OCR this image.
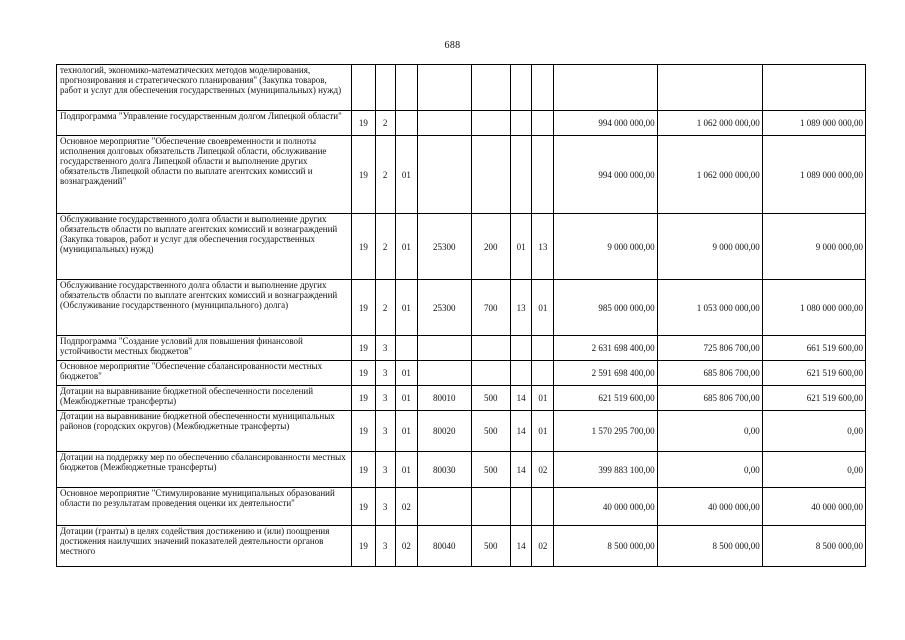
688
технологий, экономико-математических методов моделирования, прогнозирования и стратегического планирования" (Закупка товаров, работ и услуг для обеспечения государственных (муниципальных) нужд)										
Подпрограмма "Управление государственным долгом Липецкой области"	19	2						994 000 000,00	1 062 000 000,00	1 089 000 000,00
Основное мероприятие "Обеспечение своевременности и полноты исполнения долговых обязательств Липецкой области, обслуживание государственного долга Липецкой области и выполнение других обязательств Липецкой области по выплате агентских комиссий и вознаграждений"	19	2	01					994 000 000,00	1 062 000 000,00	1 089 000 000,00
Обслуживание государственного долга области и выполнение других обязательств области по выплате агентских комиссий и вознаграждений (Закупка товаров, работ и услуг для обеспечения государственных (муниципальных) нужд)	19	2	01	25300	200	01	13	9 000 000,00	9 000 000,00	9 000 000,00
Обслуживание государственного долга области и выполнение других обязательств области по выплате агентских комиссий и вознаграждений (Обслуживание государственного (муниципального) долга)	19	2	01	25300	700	13	01	985 000 000,00	1 053 000 000,00	1 080 000 000,00
Подпрограмма "Создание условий для повышения финансовой устойчивости местных бюджетов"	19	3						2 631 698 400,00	725 806 700,00	661 519 600,00
Основное мероприятие "Обеспечение сбалансированности местных бюджетов"	19	3	01					2 591 698 400,00	685 806 700,00	621 519 600,00
Дотации на выравнивание бюджетной обеспеченности поселений (Межбюджетные трансферты)	19	3	01	80010	500	14	01	621 519 600,00	685 806 700,00	621 519 600,00
Дотации на выравнивание бюджетной обеспеченности муниципальных районов (городских округов) (Межбюджетные трансферты)	19	3	01	80020	500	14	01	1 570 295 700,00	0,00	0,00
Дотации на поддержку мер по обеспечению сбалансированности местных бюджетов (Межбюджетные трансферты)	19	3	01	80030	500	14	02	399 883 100,00	0,00	0,00
Основное мероприятие "Стимулирование муниципальных образований области по результатам проведения оценки их деятельности"	19	3	02					40 000 000,00	40 000 000,00	40 000 000,00
Дотации (гранты) в целях содействия достижению и (или) поощрения достижения наилучших значений показателей деятельности органов местного	19	3	02	80040	500	14	02	8 500 000,00	8 500 000,00	8 500 000,00
